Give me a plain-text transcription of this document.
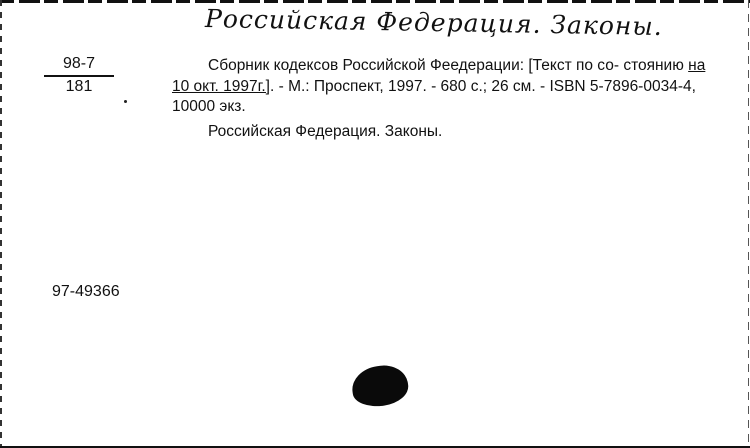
Российская Федерация. Законы.
98-7
181
Сборник кодексов Российской Феедерации: [Текст по со- стоянию на 10 окт. 1997г.]. - М.: Проспект, 1997. - 680 с.; 26 см. - ISBN 5-7896-0034-4, 10000 экз.
Российская Федерация. Законы.
97-49366
